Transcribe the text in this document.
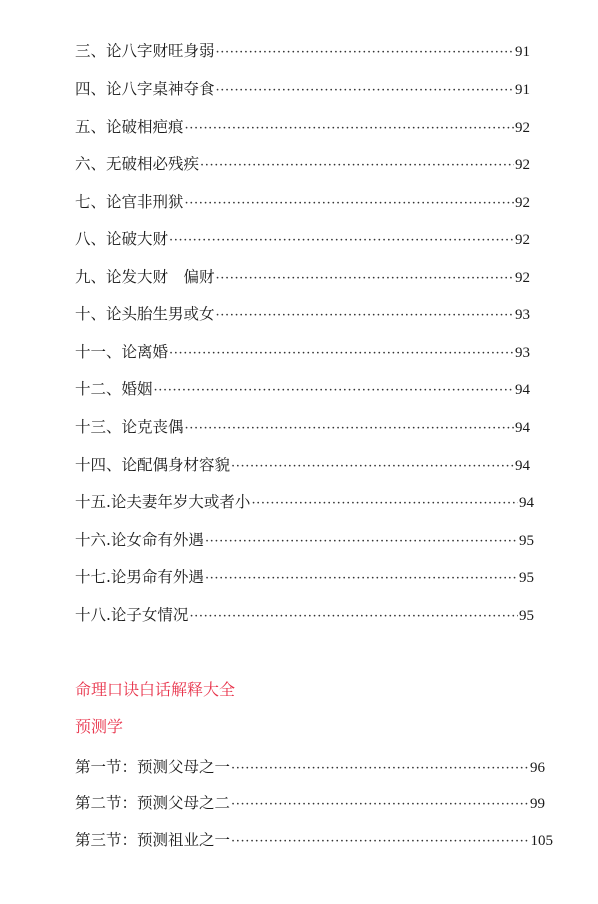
三、论八字财旺身弱 ·····	91
四、论八字桌神夺食 ·····	91
五、论破相疤痕 ·····	92
六、无破相必残疾 ·····	92
七、论官非刑狱 ·····	92
八、论破大财 ·····	92
九、论发大财　偏财 ·····	92
十、论头胎生男或女 ·····	93
十一、论离婚 ·····	93
十二、婚姻 ·····	94
十三、论克丧偶 ·····	94
十四、论配偶身材容貌 ·····	94
十五.论夫妻年岁大或者小 ·····	94
十六.论女命有外遇 ·····	95
十七.论男命有外遇 ·····	95
十八.论子女情况 ·····	95
命理口诀白话解释大全
预测学
第一节：预测父母之一 ·····	96
第二节：预测父母之二 ·····	99
第三节：预测祖业之一 ·····	105
